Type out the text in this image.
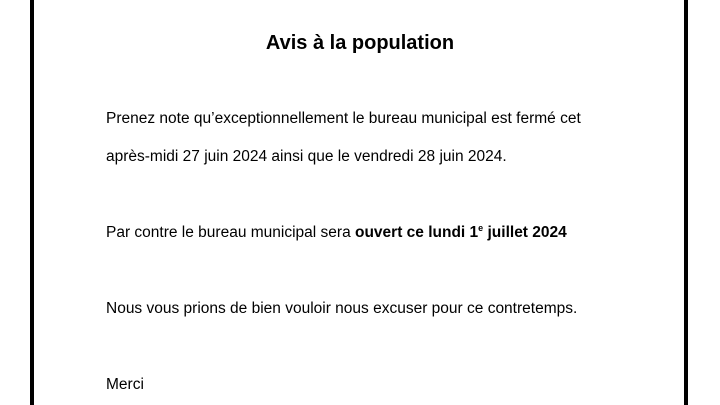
Avis à la population

Prenez note qu’exceptionnellement le bureau municipal est fermé cet

après-midi 27 juin 2024 ainsi que le vendredi 28 juin 2024.

Par contre le bureau municipal sera ouvert ce lundi 1e juillet 2024

Nous vous prions de bien vouloir nous excuser pour ce contretemps.

Merci
